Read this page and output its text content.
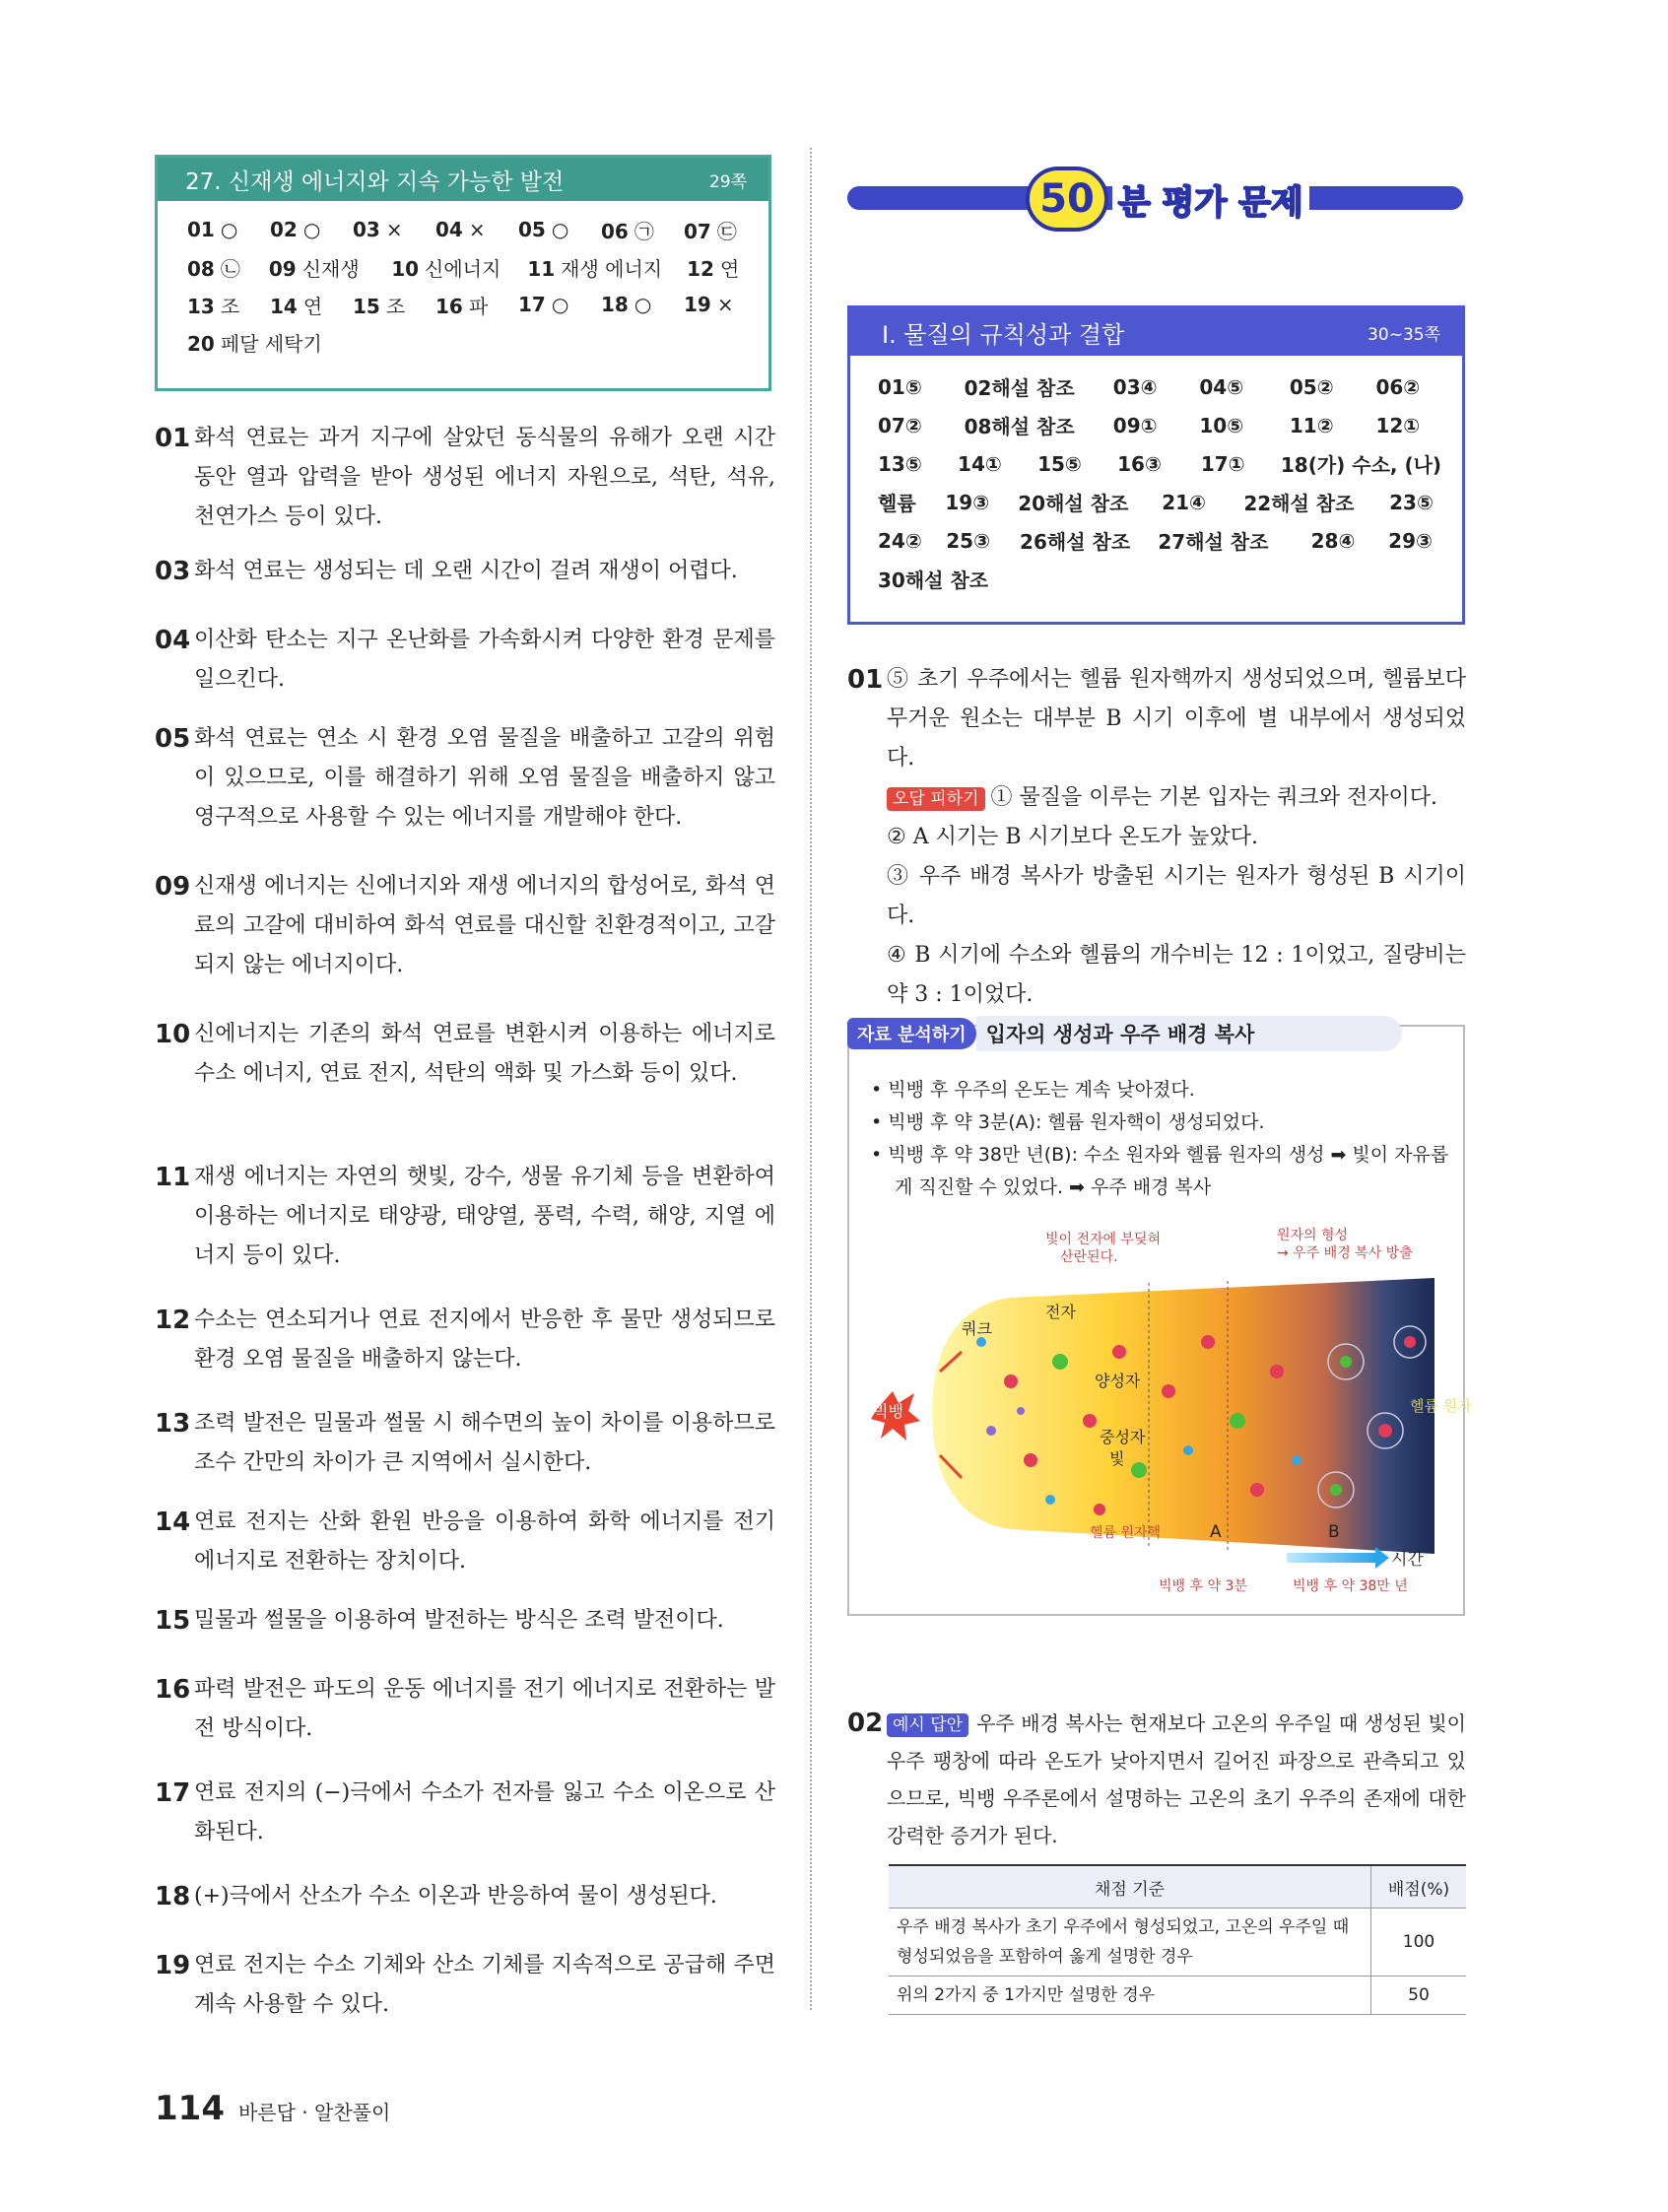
27. 신재생 에너지와 지속 가능한 발전	29쪽
01 ○	02 ○	03 ×	04 ×	05 ○	06 ㉠	07 ㉢
08 ㉡	09 신재생	10 신에너지	11 재생 에너지	12 연
13 조	14 연	15 조	16 파	17 ○	18 ○	19 ×
20 페달 세탁기
01 화석 연료는 과거 지구에 살았던 동식물의 유해가 오랜 시간 동안 열과 압력을 받아 생성된 에너지 자원으로, 석탄, 석유, 천연가스 등이 있다.
03 화석 연료는 생성되는 데 오랜 시간이 걸려 재생이 어렵다.
04 이산화 탄소는 지구 온난화를 가속화시켜 다양한 환경 문제를 일으킨다.
05 화석 연료는 연소 시 환경 오염 물질을 배출하고 고갈의 위험이 있으므로, 이를 해결하기 위해 오염 물질을 배출하지 않고 영구적으로 사용할 수 있는 에너지를 개발해야 한다.
09 신재생 에너지는 신에너지와 재생 에너지의 합성어로, 화석 연료의 고갈에 대비하여 화석 연료를 대신할 친환경적이고, 고갈되지 않는 에너지이다.
10 신에너지는 기존의 화석 연료를 변환시켜 이용하는 에너지로 수소 에너지, 연료 전지, 석탄의 액화 및 가스화 등이 있다.
11 재생 에너지는 자연의 햇빛, 강수, 생물 유기체 등을 변환하여 이용하는 에너지로 태양광, 태양열, 풍력, 수력, 해양, 지열 에너지 등이 있다.
12 수소는 연소되거나 연료 전지에서 반응한 후 물만 생성되므로 환경 오염 물질을 배출하지 않는다.
13 조력 발전은 밀물과 썰물 시 해수면의 높이 차이를 이용하므로 조수 간만의 차이가 큰 지역에서 실시한다.
14 연료 전지는 산화 환원 반응을 이용하여 화학 에너지를 전기 에너지로 전환하는 장치이다.
15 밀물과 썰물을 이용하여 발전하는 방식은 조력 발전이다.
16 파력 발전은 파도의 운동 에너지를 전기 에너지로 전환하는 발전 방식이다.
17 연료 전지의 (−)극에서 수소가 전자를 잃고 수소 이온으로 산화된다.
18 (+)극에서 산소가 수소 이온과 반응하여 물이 생성된다.
19 연료 전지는 수소 기체와 산소 기체를 지속적으로 공급해 주면 계속 사용할 수 있다.
50 분 평가 문제
Ⅰ. 물질의 규칙성과 결합	30~35쪽
01⑤	02해설 참조	03④	04⑤	05②	06②
07②	08해설 참조	09①	10⑤	11②	12①
13⑤	14①	15⑤	16③	17①	18(가) 수소, (나)
헬륨	19③	20해설 참조	21④	22해설 참조	23⑤
24②	25③	26해설 참조	27해설 참조	28④	29③
30해설 참조
01 ⑤ 초기 우주에서는 헬륨 원자핵까지 생성되었으며, 헬륨보다 무거운 원소는 대부분 B 시기 이후에 별 내부에서 생성되었다.
오답 피하기 ① 물질을 이루는 기본 입자는 쿼크와 전자이다.
② A 시기는 B 시기보다 온도가 높았다.
③ 우주 배경 복사가 방출된 시기는 원자가 형성된 B 시기이다.
④ B 시기에 수소와 헬륨의 개수비는 12 : 1이었고, 질량비는 약 3 : 1이었다.
자료 분석하기 입자의 생성과 우주 배경 복사
• 빅뱅 후 우주의 온도는 계속 낮아졌다.
• 빅뱅 후 약 3분(A): 헬륨 원자핵이 생성되었다.
• 빅뱅 후 약 38만 년(B): 수소 원자와 헬륨 원자의 생성 ➡ 빛이 자유롭게 직진할 수 있었다. ➡ 우주 배경 복사
빅뱅
빛이 전자에 부딪혀
산란된다.
원자의 형성
→ 우주 배경 복사 방출
쿼크
전자
양성자
중성자
빛
헬륨 원자
헬륨 원자핵	A	B
시간
빅뱅 후 약 3분	빅뱅 후 약 38만 년
02 예시 답안 우주 배경 복사는 현재보다 고온의 우주일 때 생성된 빛이 우주 팽창에 따라 온도가 낮아지면서 길어진 파장으로 관측되고 있으므로, 빅뱅 우주론에서 설명하는 고온의 초기 우주의 존재에 대한 강력한 증거가 된다.
채점 기준	배점(%)
우주 배경 복사가 초기 우주에서 형성되었고, 고온의 우주일 때 형성되었음을 포함하여 옳게 설명한 경우	100
위의 2가지 중 1가지만 설명한 경우	50
114 바른답 · 알찬풀이
